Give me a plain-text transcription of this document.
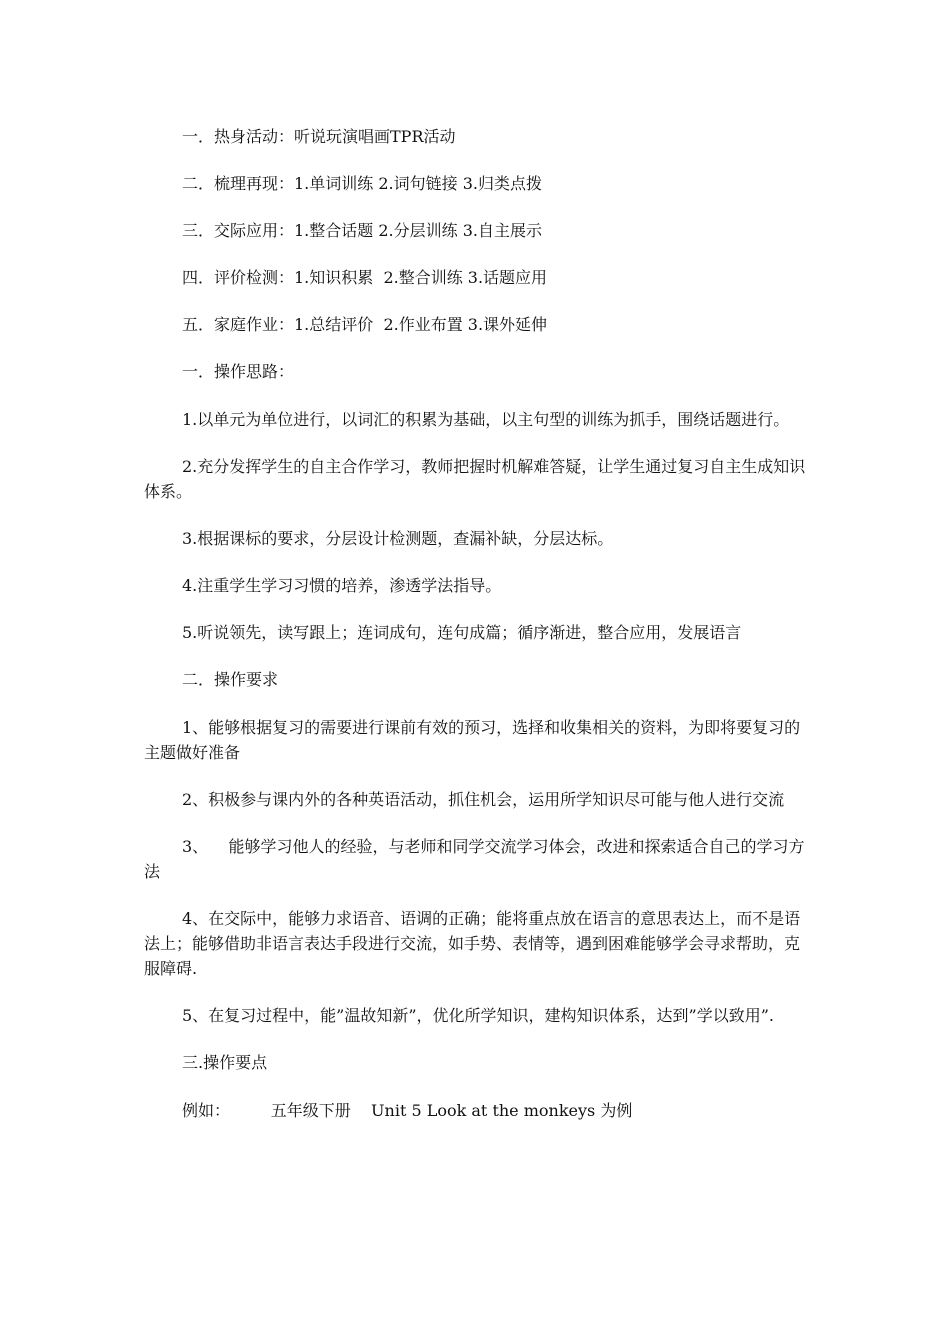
一．热身活动：听说玩演唱画TPR活动

二．梳理再现：1.单词训练 2.词句链接 3.归类点拨

三．交际应用：1.整合话题 2.分层训练 3.自主展示

四．评价检测：1.知识积累  2.整合训练 3.话题应用

五．家庭作业：1.总结评价  2.作业布置 3.课外延伸

一．操作思路：

1.以单元为单位进行，以词汇的积累为基础，以主句型的训练为抓手，围绕话题进行。

2.充分发挥学生的自主合作学习，教师把握时机解难答疑，让学生通过复习自主生成知识体系。

3.根据课标的要求，分层设计检测题，查漏补缺，分层达标。

4.注重学生学习习惯的培养，渗透学法指导。

5.听说领先，读写跟上；连词成句，连句成篇；循序渐进，整合应用，发展语言

二．操作要求

1、能够根据复习的需要进行课前有效的预习，选择和收集相关的资料，为即将要复习的主题做好准备

2、积极参与课内外的各种英语活动，抓住机会，运用所学知识尽可能与他人进行交流

3、    能够学习他人的经验，与老师和同学交流学习体会，改进和探索适合自己的学习方法

4、在交际中，能够力求语音、语调的正确；能将重点放在语言的意思表达上，而不是语法上；能够借助非语言表达手段进行交流，如手势、表情等，遇到困难能够学会寻求帮助，克服障碍.

5、在复习过程中，能”温故知新”，优化所学知识，建构知识体系，达到”学以致用”.

三.操作要点

例如：        五年级下册    Unit 5 Look at the monkeys 为例
